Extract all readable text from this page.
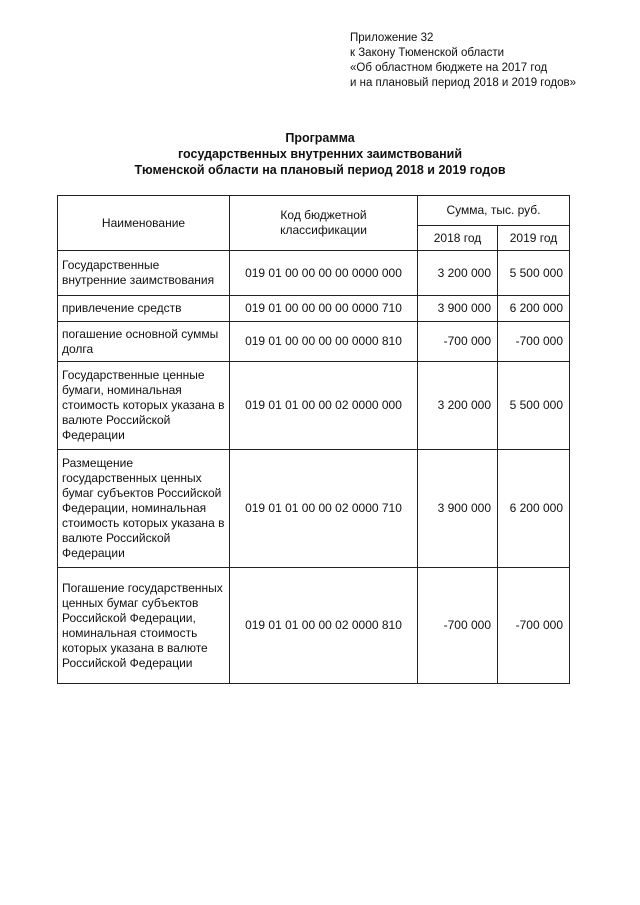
Приложение 32
к Закону Тюменской области
«Об областном бюджете на 2017 год
и на плановый период 2018 и 2019 годов»
Программа
государственных внутренних заимствований
Тюменской области на плановый период 2018 и 2019 годов
Наименование	Код бюджетной классификации	Сумма, тыс. руб.	
		2018 год	2019 год
Государственные внутренние заимствования	019 01 00 00 00 00 0000 000	3 200 000	5 500 000
привлечение средств	019 01 00 00 00 00 0000 710	3 900 000	6 200 000
погашение основной суммы долга	019 01 00 00 00 00 0000 810	-700 000	-700 000
Государственные ценные бумаги, номинальная стоимость которых указана в валюте Российской Федерации	019 01 01 00 00 02 0000 000	3 200 000	5 500 000
Размещение государственных ценных бумаг субъектов Российской Федерации, номинальная стоимость которых указана в валюте Российской Федерации	019 01 01 00 00 02 0000 710	3 900 000	6 200 000
Погашение государственных ценных бумаг субъектов Российской Федерации, номинальная стоимость которых указана в валюте Российской Федерации	019 01 01 00 00 02 0000 810	-700 000	-700 000
